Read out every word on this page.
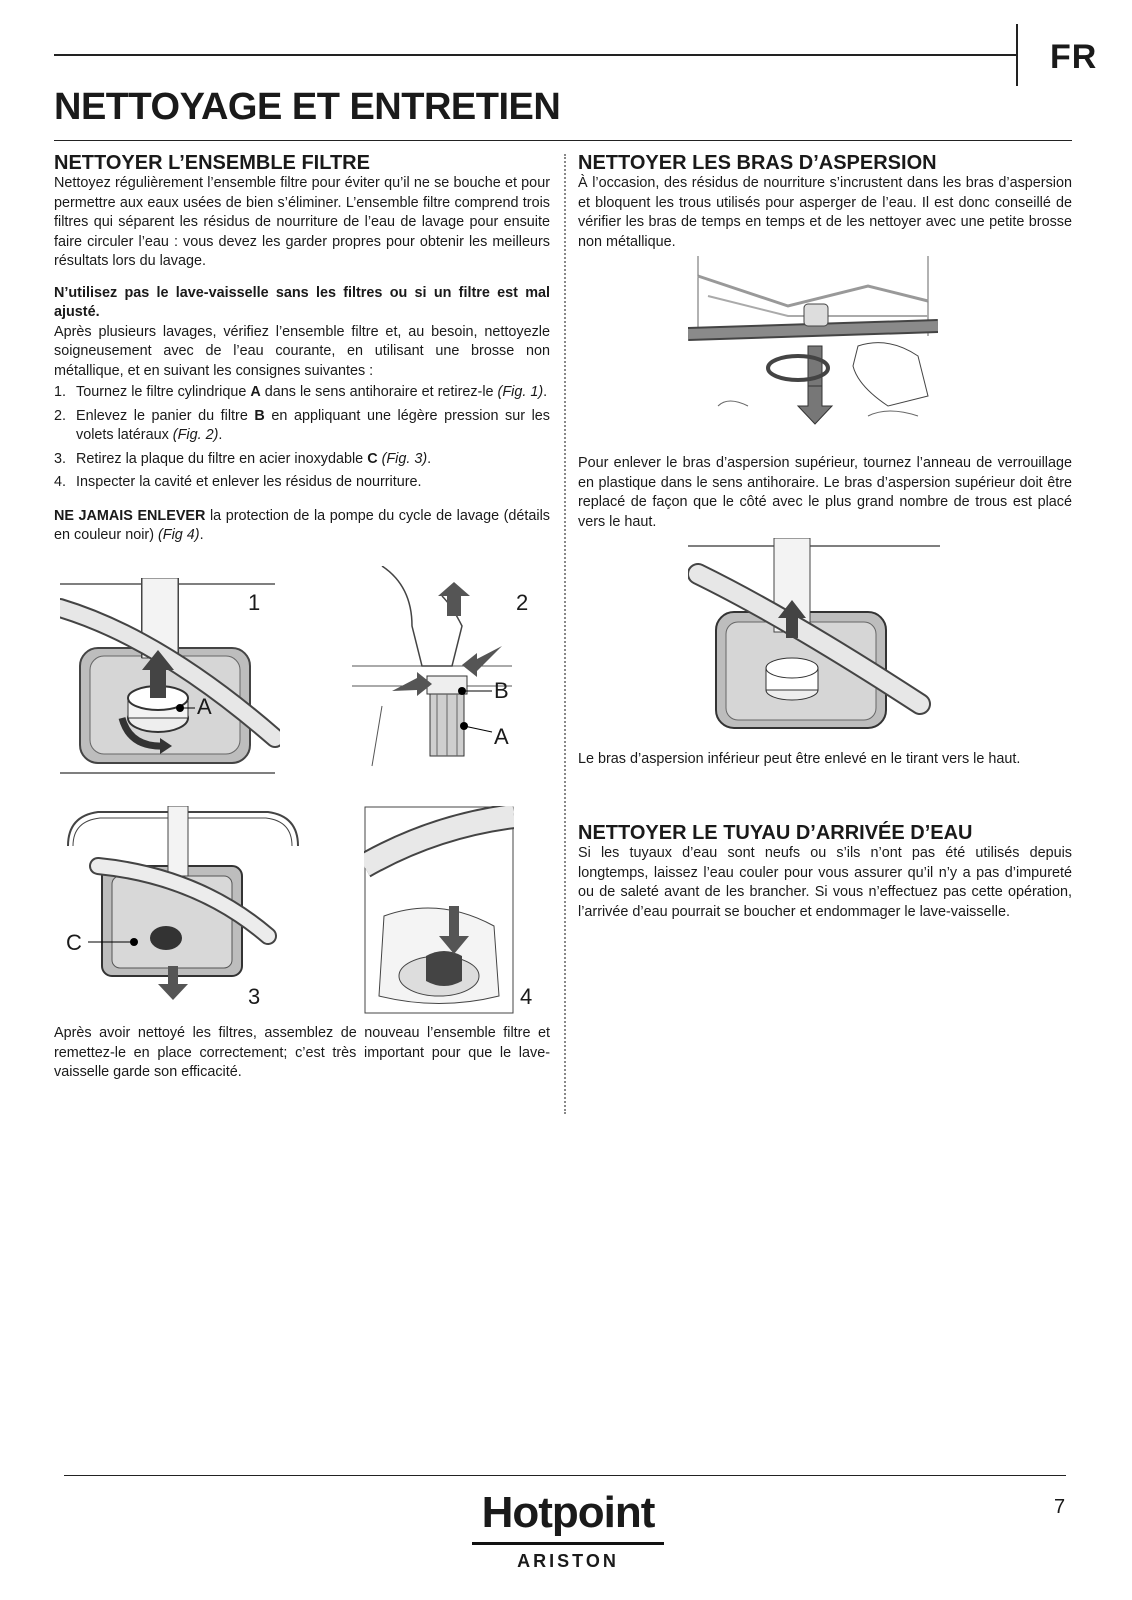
FR
NETTOYAGE ET ENTRETIEN
NETTOYER L’ENSEMBLE FILTRE

Nettoyez régulièrement l’ensemble filtre pour éviter qu’il ne se bouche et pour permettre aux eaux usées de bien s’éliminer. L’ensemble filtre comprend trois filtres qui séparent les résidus de nourriture de l’eau de lavage pour ensuite faire circuler l’eau : vous devez les garder propres pour obtenir les meilleurs résultats lors du lavage.

N’utilisez pas le lave-vaisselle sans les filtres ou si un filtre est mal ajusté.

Après plusieurs lavages, vérifiez l’ensemble filtre et, au besoin, nettoyezle soigneusement avec de l’eau courante, en utilisant une brosse non métallique, et en suivant les consignes suivantes :

1. Tournez le filtre cylindrique A dans le sens antihoraire et retirez-le (Fig. 1).
2. Enlevez le panier du filtre B en appliquant une légère pression sur les volets latéraux (Fig. 2).
3. Retirez la plaque du filtre en acier inoxydable C (Fig. 3).
4. Inspecter la cavité et enlever les résidus de nourriture.

NE JAMAIS ENLEVER la protection de la pompe du cycle de lavage (détails en couleur noir) (Fig 4).

1
A
2
B
A
C
3	4

Après avoir nettoyé les filtres, assemblez de nouveau l’ensemble filtre et remettez-le en place correctement; c’est très important pour que le lave-vaisselle garde son efficacité.

NETTOYER LES BRAS D’ASPERSION

À l’occasion, des résidus de nourriture s’incrustent dans les bras d’aspersion et bloquent les trous utilisés pour asperger de l’eau. Il est donc conseillé de vérifier les bras de temps en temps et de les nettoyer avec une petite brosse non métallique.

Pour enlever le bras d’aspersion supérieur, tournez l’anneau de verrouillage en plastique dans le sens antihoraire. Le bras d’aspersion supérieur doit être replacé de façon que le côté avec le plus grand nombre de trous est placé vers le haut.

Le bras d’aspersion inférieur peut être enlevé en le tirant vers le haut.

NETTOYER LE TUYAU D’ARRIVÉE D’EAU

Si les tuyaux d’eau sont neufs ou s’ils n’ont pas été utilisés depuis longtemps, laissez l’eau couler pour vous assurer qu’il n’y a pas d’impureté ou de saleté avant de les brancher. Si vous n’effectuez pas cette opération, l’arrivée d’eau pourrait se boucher et endommager le lave-vaisselle.

Hotpoint
ARISTON
7
